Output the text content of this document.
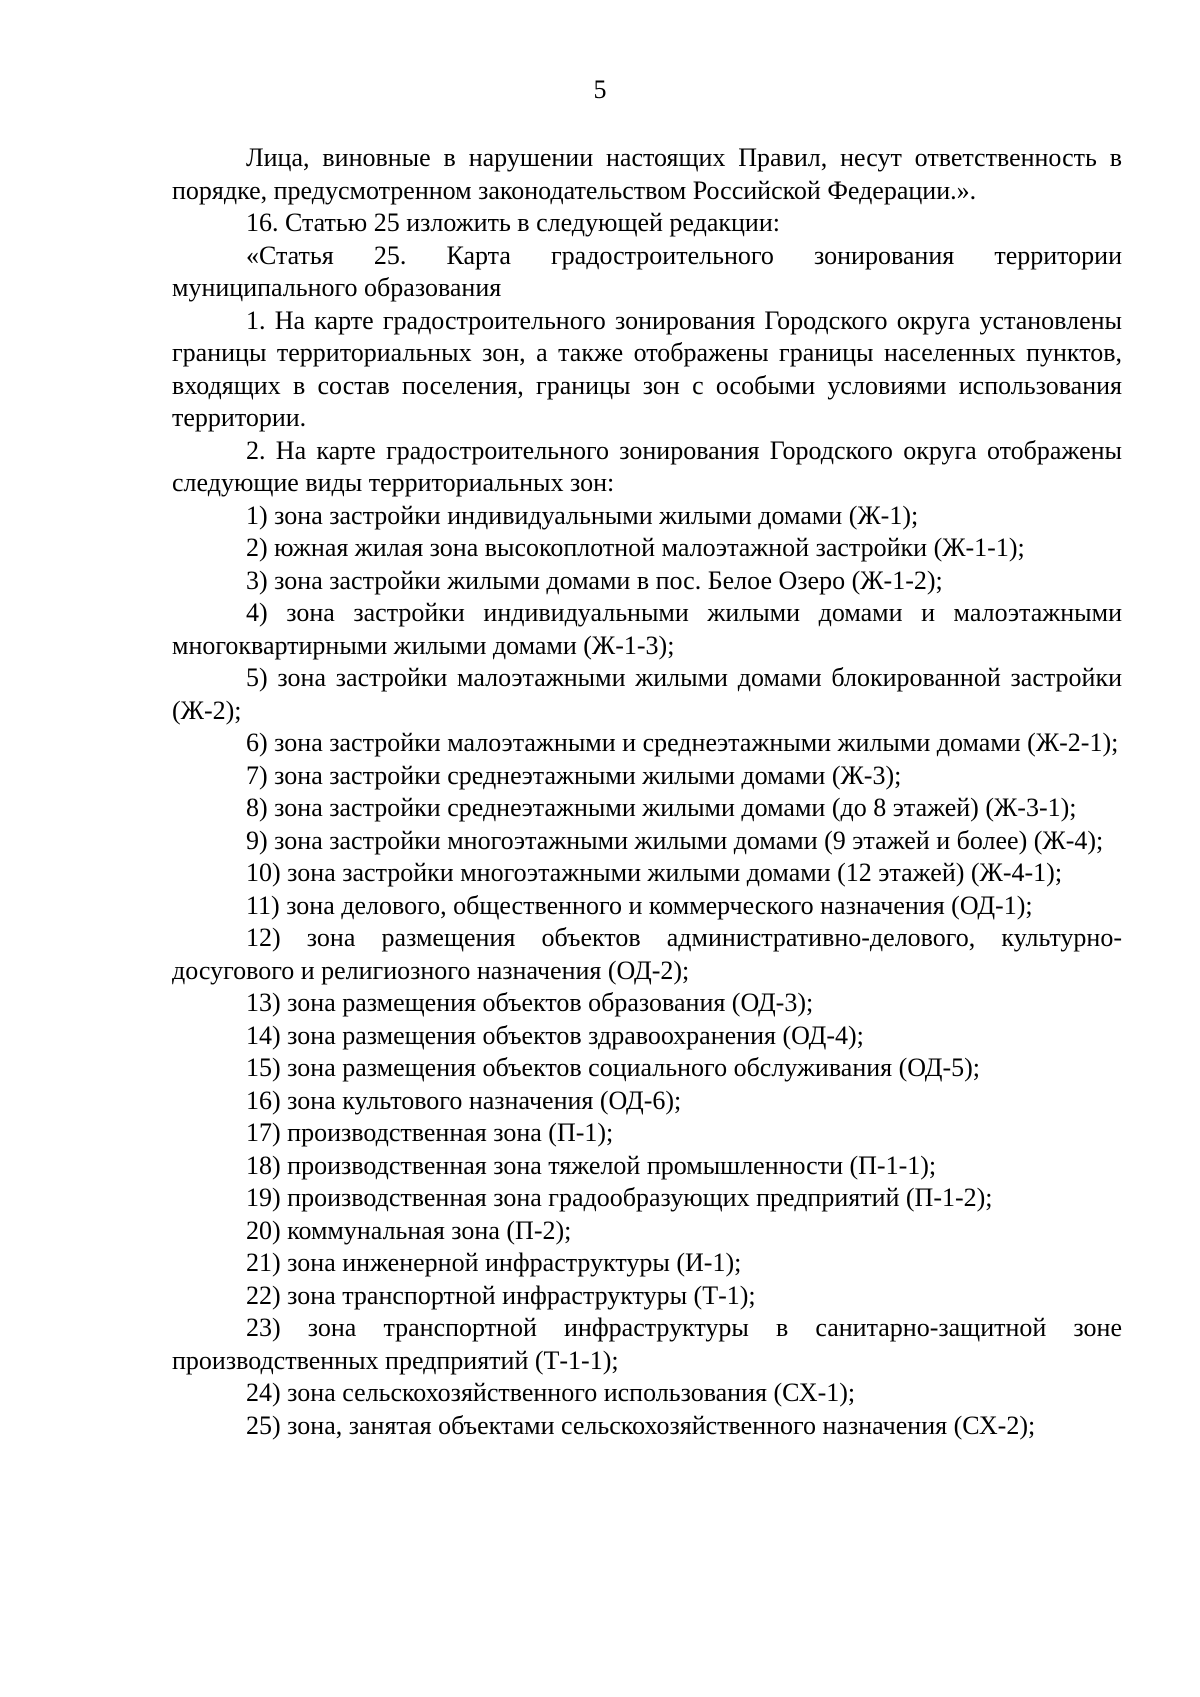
5

Лица, виновные в нарушении настоящих Правил, несут ответственность в порядке, предусмотренном законодательством Российской Федерации.».

16. Статью 25 изложить в следующей редакции:

«Статья 25. Карта градостроительного зонирования территории муниципального образования

1. На карте градостроительного зонирования Городского округа установлены границы территориальных зон, а также отображены границы населенных пунктов, входящих в состав поселения, границы зон с особыми условиями использования территории.

2. На карте градостроительного зонирования Городского округа отображены следующие виды территориальных зон:

1) зона застройки индивидуальными жилыми домами (Ж-1);

2) южная жилая зона высокоплотной малоэтажной застройки (Ж-1-1);

3) зона застройки жилыми домами в пос. Белое Озеро (Ж-1-2);

4) зона застройки индивидуальными жилыми домами и малоэтажными многоквартирными жилыми домами (Ж-1-3);

5) зона застройки малоэтажными жилыми домами блокированной застройки (Ж-2);

6) зона застройки малоэтажными и среднеэтажными жилыми домами (Ж-2-1);

7) зона застройки среднеэтажными жилыми домами (Ж-3);

8) зона застройки среднеэтажными жилыми домами (до 8 этажей) (Ж-3-1);

9) зона застройки многоэтажными жилыми домами (9 этажей и более) (Ж-4);

10) зона застройки многоэтажными жилыми домами (12 этажей) (Ж-4-1);

11) зона делового, общественного и коммерческого назначения (ОД-1);

12) зона размещения объектов административно-делового, культурно-досугового и религиозного назначения (ОД-2);

13) зона размещения объектов образования (ОД-3);

14) зона размещения объектов здравоохранения (ОД-4);

15) зона размещения объектов социального обслуживания (ОД-5);

16) зона культового назначения (ОД-6);

17) производственная зона (П-1);

18) производственная зона тяжелой промышленности (П-1-1);

19) производственная зона градообразующих предприятий (П-1-2);

20) коммунальная зона (П-2);

21) зона инженерной инфраструктуры (И-1);

22) зона транспортной инфраструктуры (Т-1);

23) зона транспортной инфраструктуры в санитарно-защитной зоне производственных предприятий (Т-1-1);

24) зона сельскохозяйственного использования (СХ-1);

25) зона, занятая объектами сельскохозяйственного назначения (СХ-2);
